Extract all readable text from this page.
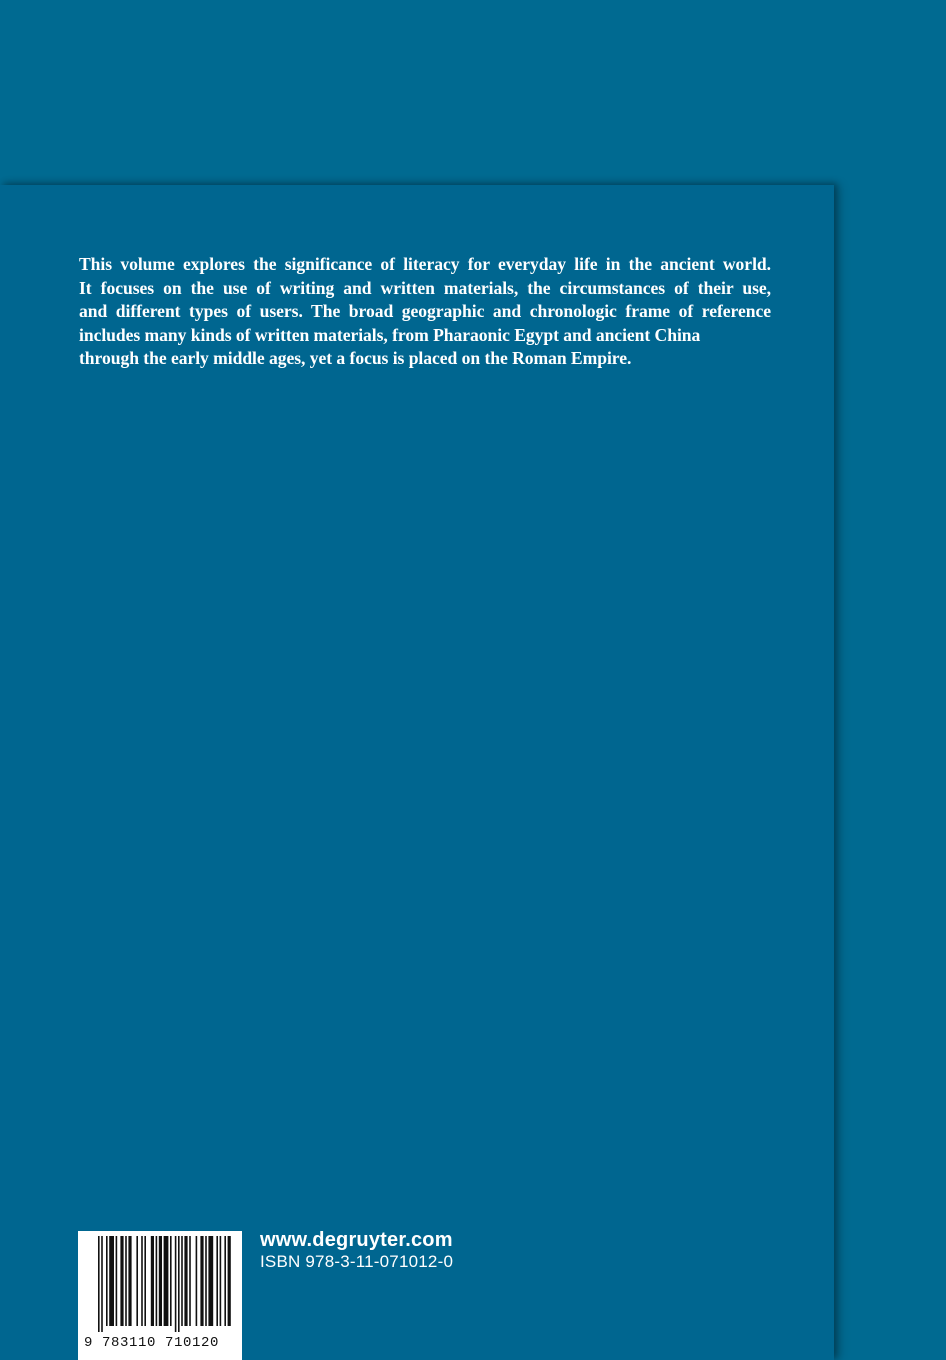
This volume explores the significance of literacy for everyday life in the ancient world.
It focuses on the use of writing and written materials, the circumstances of their use,
and different types of users. The broad geographic and chronologic frame of reference
includes many kinds of written materials, from Pharaonic Egypt and ancient China
through the early middle ages, yet a focus is placed on the Roman Empire.

9 783110 710120
www.degruyter.com
ISBN 978-3-11-071012-0
